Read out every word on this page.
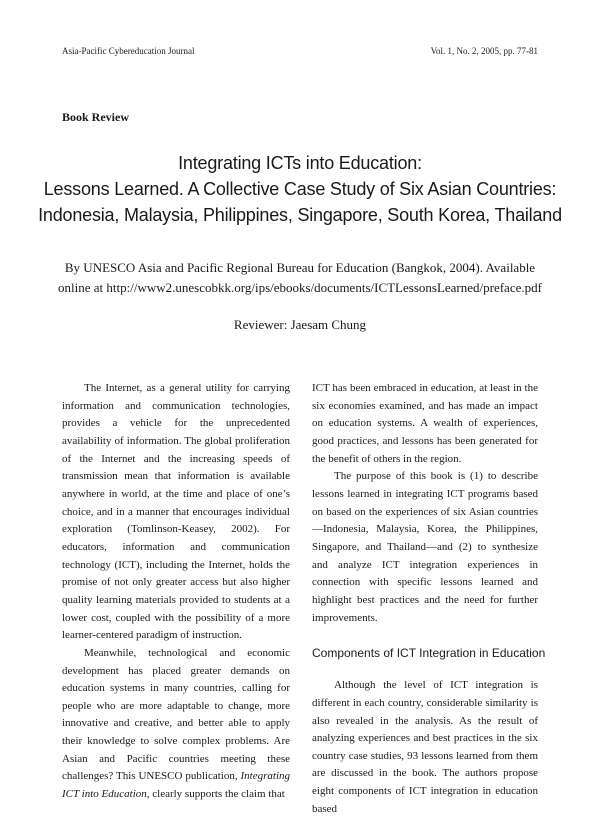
Asia-Pacific Cybereducation Journal	Vol. 1, No. 2, 2005, pp. 77-81
Book Review
Integrating ICTs into Education:
Lessons Learned. A Collective Case Study of Six Asian Countries:
Indonesia, Malaysia, Philippines, Singapore, South Korea, Thailand
By UNESCO Asia and Pacific Regional Bureau for Education (Bangkok, 2004). Available
online at http://www2.unescobkk.org/ips/ebooks/documents/ICTLessonsLearned/preface.pdf
Reviewer: Jaesam Chung

The Internet, as a general utility for carrying information and communication technologies, provides a vehicle for the unprecedented availability of information. The global proliferation of the Internet and the increasing speeds of transmission mean that information is available anywhere in world, at the time and place of one’s choice, and in a manner that encourages individual exploration (Tomlinson-Keasey, 2002). For educators, information and communication technology (ICT), including the Internet, holds the promise of not only greater access but also higher quality learning materials provided to students at a lower cost, coupled with the possibility of a more learner-centered paradigm of instruction.

Meanwhile, technological and economic development has placed greater demands on education systems in many countries, calling for people who are more adaptable to change, more innovative and creative, and better able to apply their knowledge to solve complex problems. Are Asian and Pacific countries meeting these challenges? This UNESCO publication, Integrating ICT into Education, clearly supports the claim that

ICT has been embraced in education, at least in the six economies examined, and has made an impact on education systems. A wealth of experiences, good practices, and lessons has been generated for the benefit of others in the region.

The purpose of this book is (1) to describe lessons learned in integrating ICT programs based on based on the experiences of six Asian countries—Indonesia, Malaysia, Korea, the Philippines, Singapore, and Thailand—and (2) to synthesize and analyze ICT integration experiences in connection with specific lessons learned and highlight best practices and the need for further improvements.

Components of ICT Integration in Education

Although the level of ICT integration is different in each country, considerable similarity is also revealed in the analysis. As the result of analyzing experiences and best practices in the six country case studies, 93 lessons learned from them are discussed in the book. The authors propose eight components of ICT integration in education based
